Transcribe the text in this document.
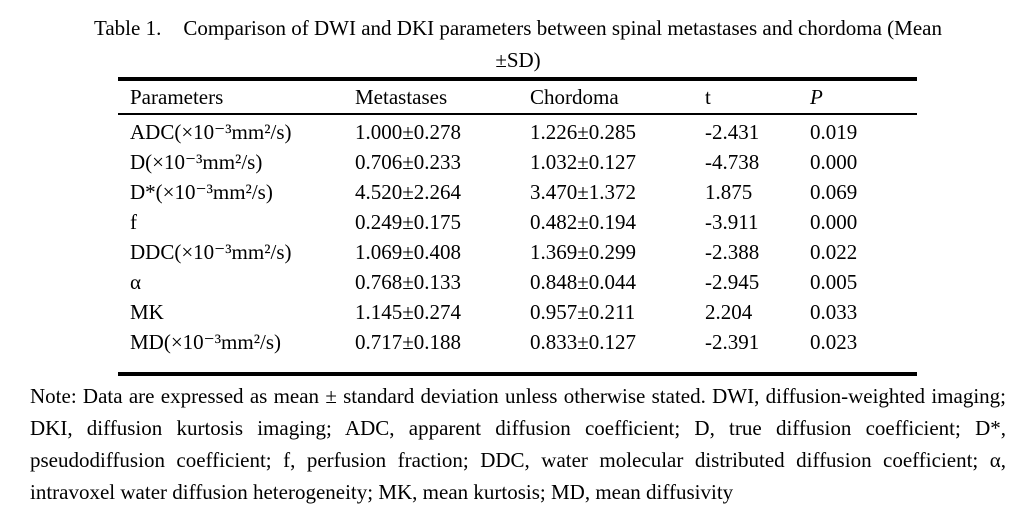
Table 1. Comparison of DWI and DKI parameters between spinal metastases and chordoma (Mean
±SD)
Parameters	Metastases	Chordoma	t	P
ADC(×10⁻³mm²/s)	1.000±0.278	1.226±0.285	-2.431	0.019
D(×10⁻³mm²/s)	0.706±0.233	1.032±0.127	-4.738	0.000
D*(×10⁻³mm²/s)	4.520±2.264	3.470±1.372	1.875	0.069
f	0.249±0.175	0.482±0.194	-3.911	0.000
DDC(×10⁻³mm²/s)	1.069±0.408	1.369±0.299	-2.388	0.022
α	0.768±0.133	0.848±0.044	-2.945	0.005
MK	1.145±0.274	0.957±0.211	2.204	0.033
MD(×10⁻³mm²/s)	0.717±0.188	0.833±0.127	-2.391	0.023
Note: Data are expressed as mean ± standard deviation unless otherwise stated. DWI, diffusion-weighted imaging;
DKI, diffusion kurtosis imaging; ADC, apparent diffusion coefficient; D, true diffusion coefficient; D*,
pseudodiffusion coefficient; f, perfusion fraction; DDC, water molecular distributed diffusion coefficient; α,
intravoxel water diffusion heterogeneity; MK, mean kurtosis; MD, mean diffusivity
